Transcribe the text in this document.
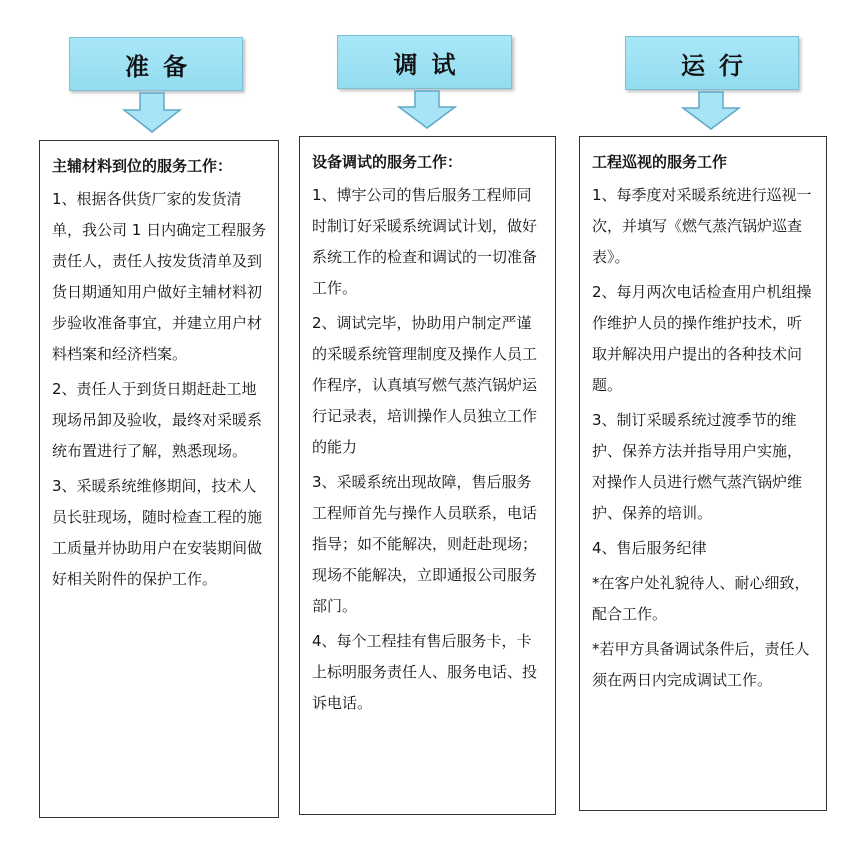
准备
主辅材料到位的服务工作：

1、根据各供货厂家的发货清单，我公司 1 日内确定工程服务责任人，责任人按发货清单及到货日期通知用户做好主辅材料初步验收准备事宜，并建立用户材料档案和经济档案。

2、责任人于到货日期赶赴工地现场吊卸及验收，最终对采暖系统布置进行了解，熟悉现场。

3、采暖系统维修期间，技术人员长驻现场，随时检查工程的施工质量并协助用户在安装期间做好相关附件的保护工作。

调试
设备调试的服务工作：

1、博宇公司的售后服务工程师同时制订好采暖系统调试计划，做好系统工作的检查和调试的一切准备工作。

2、调试完毕，协助用户制定严谨的采暖系统管理制度及操作人员工作程序，认真填写燃气蒸汽锅炉运行记录表，培训操作人员独立工作的能力

3、采暖系统出现故障，售后服务工程师首先与操作人员联系，电话指导；如不能解决，则赶赴现场；现场不能解决，立即通报公司服务部门。

4、每个工程挂有售后服务卡，卡上标明服务责任人、服务电话、投诉电话。

运行
工程巡视的服务工作

1、每季度对采暖系统进行巡视一次，并填写《燃气蒸汽锅炉巡查表》。

2、每月两次电话检查用户机组操作维护人员的操作维护技术，听取并解决用户提出的各种技术问题。

3、制订采暖系统过渡季节的维护、保养方法并指导用户实施，对操作人员进行燃气蒸汽锅炉维护、保养的培训。

4、售后服务纪律

*在客户处礼貌待人、耐心细致，配合工作。

*若甲方具备调试条件后，责任人须在两日内完成调试工作。
